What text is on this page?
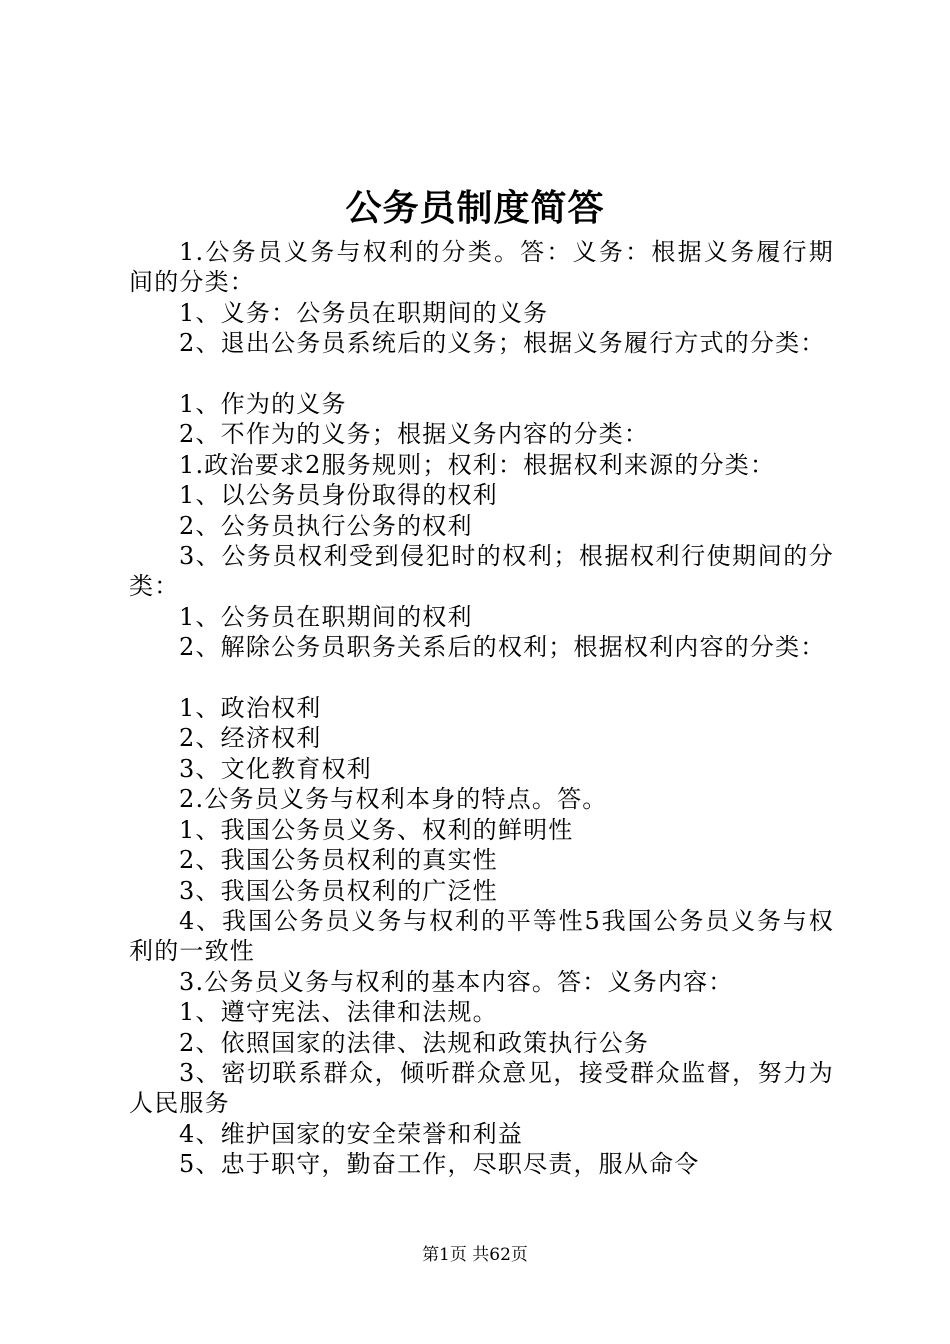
公务员制度简答

1.公务员义务与权利的分类。答：义务：根据义务履行期间的分类：

1、义务：公务员在职期间的义务

2、退出公务员系统后的义务；根据义务履行方式的分类：

1、作为的义务

2、不作为的义务；根据义务内容的分类：

1.政治要求2服务规则；权利：根据权利来源的分类：

1、以公务员身份取得的权利

2、公务员执行公务的权利

3、公务员权利受到侵犯时的权利；根据权利行使期间的分类：

1、公务员在职期间的权利

2、解除公务员职务关系后的权利；根据权利内容的分类：

1、政治权利

2、经济权利

3、文化教育权利

2.公务员义务与权利本身的特点。答。

1、我国公务员义务、权利的鲜明性

2、我国公务员权利的真实性

3、我国公务员权利的广泛性

4、我国公务员义务与权利的平等性5我国公务员义务与权利的一致性

3.公务员义务与权利的基本内容。答：义务内容：

1、遵守宪法、法律和法规。

2、依照国家的法律、法规和政策执行公务

3、密切联系群众，倾听群众意见，接受群众监督，努力为人民服务

4、维护国家的安全荣誉和利益

5、忠于职守，勤奋工作，尽职尽责，服从命令

第1页 共62页
